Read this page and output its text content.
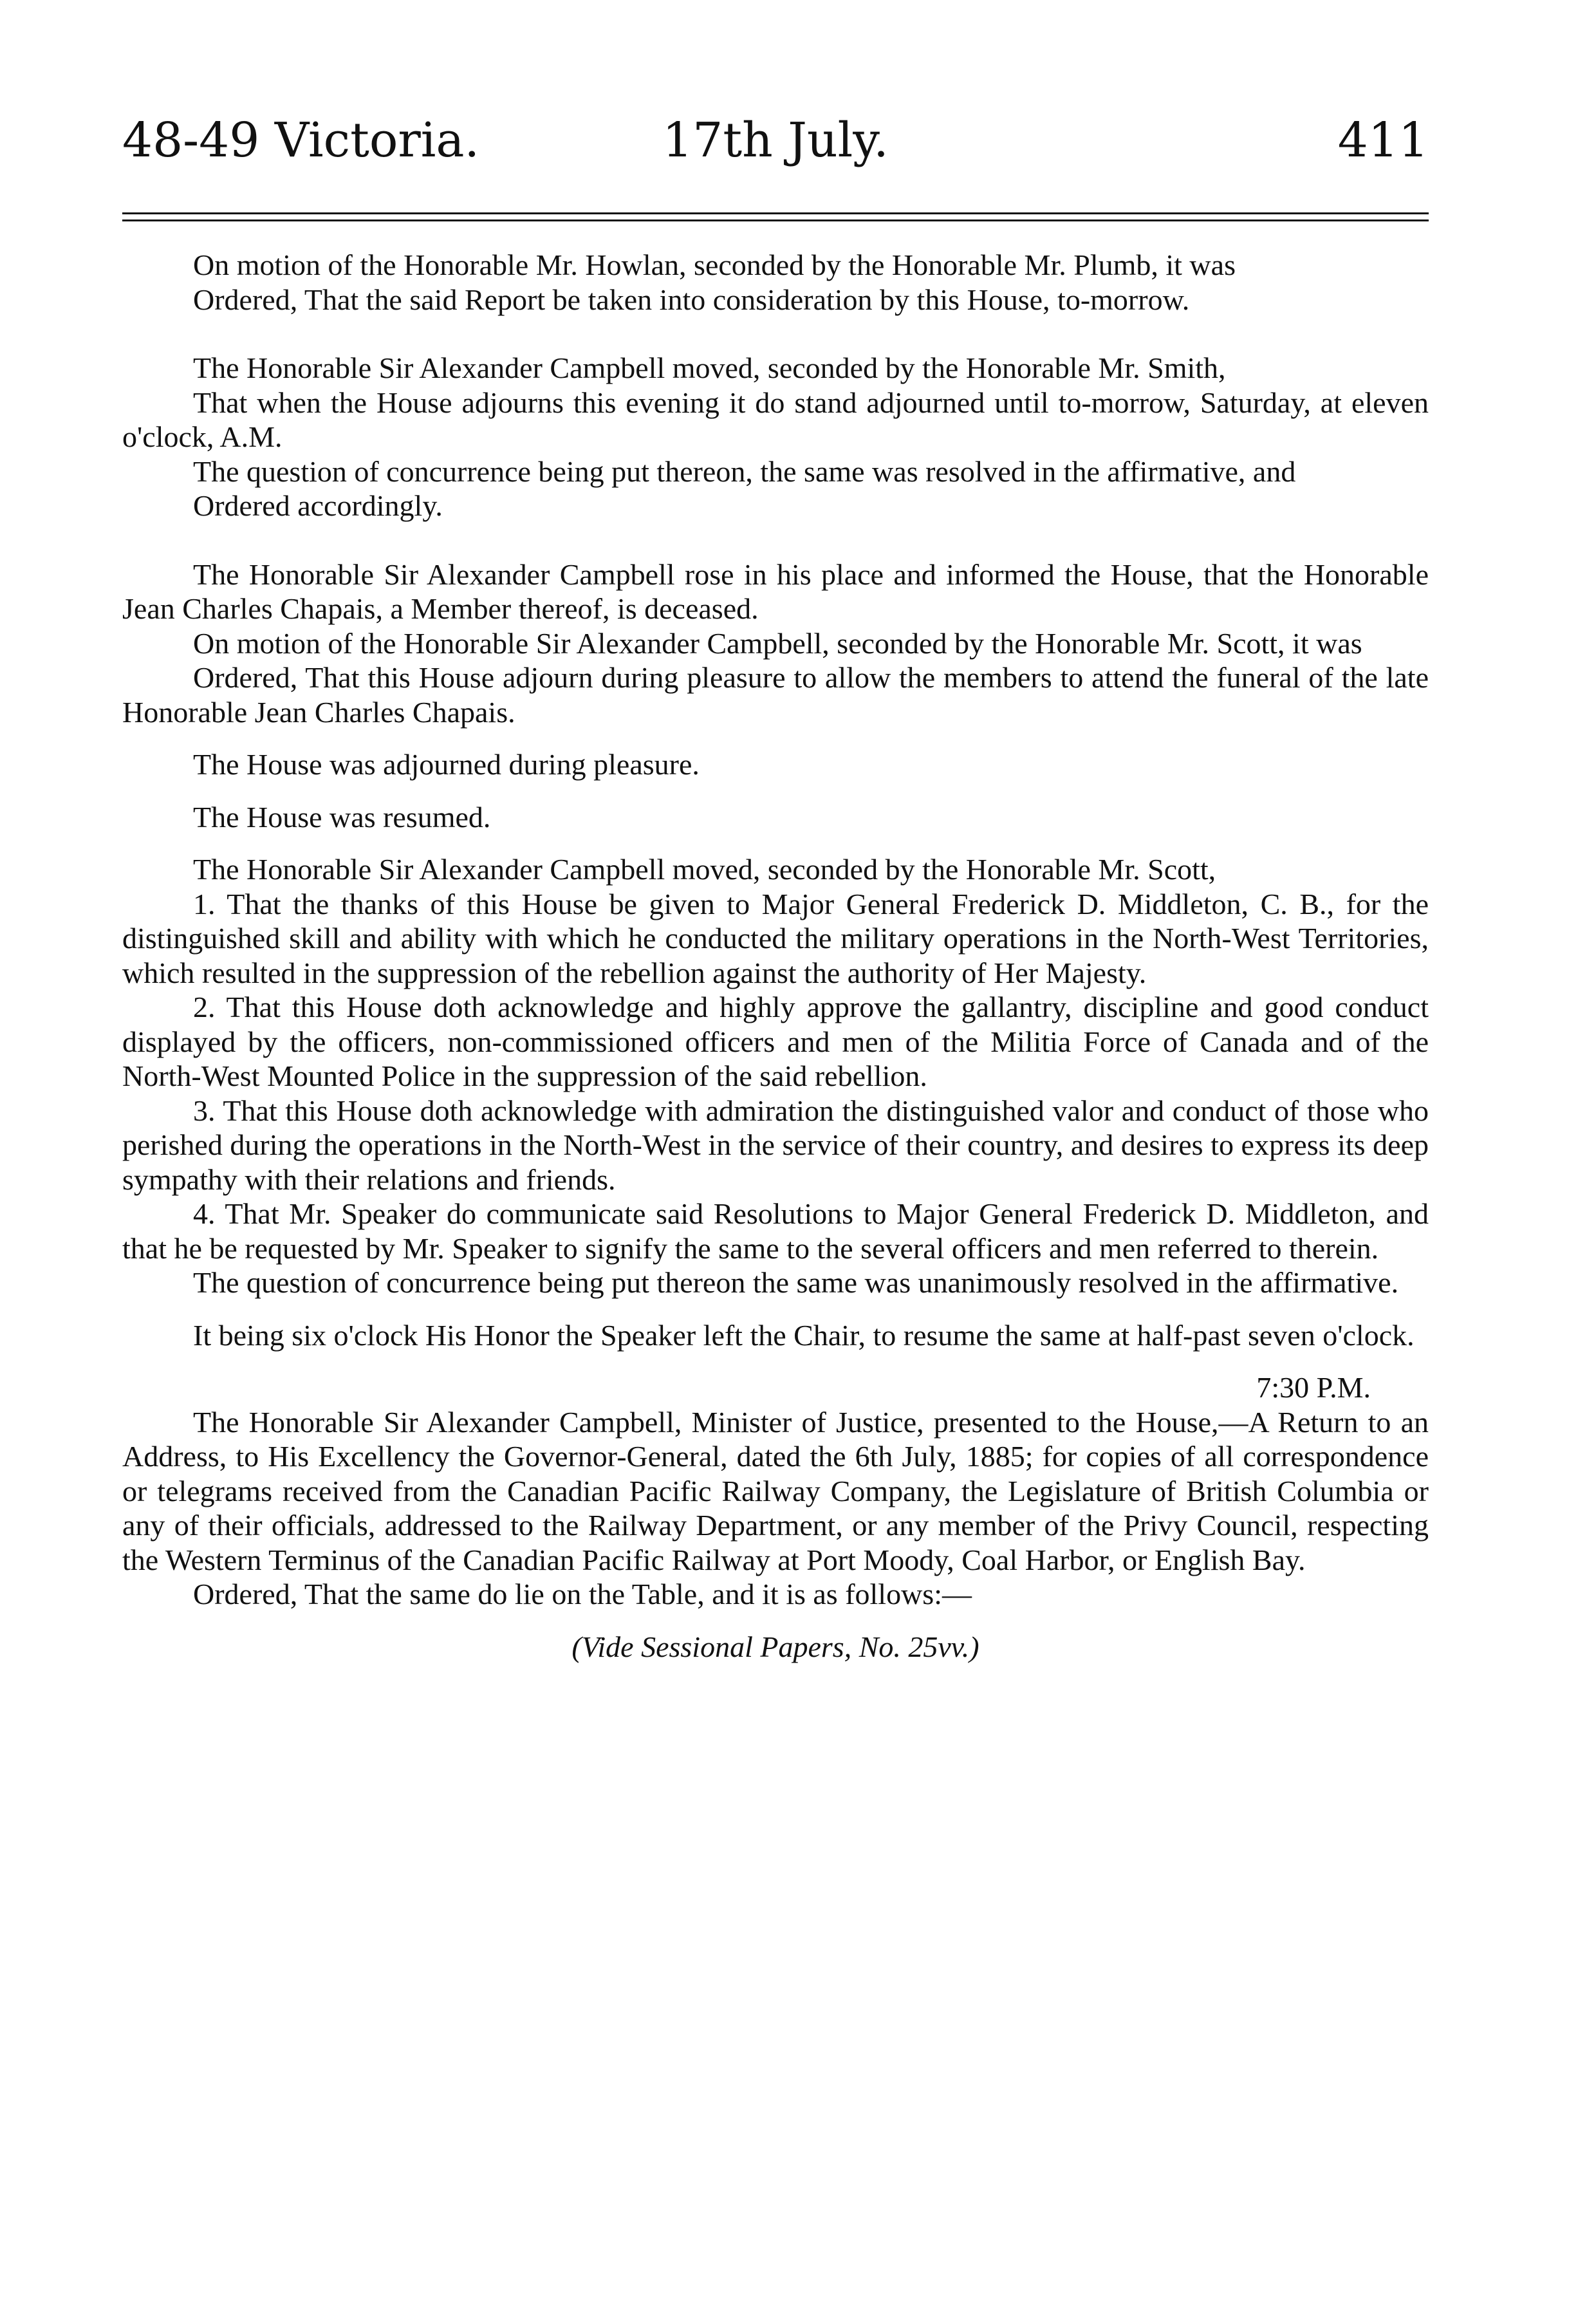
48-49 Victoria.	17th July.	411

On motion of the Honorable Mr. Howlan, seconded by the Honorable Mr. Plumb, it was

Ordered, That the said Report be taken into consideration by this House, to-morrow.

The Honorable Sir Alexander Campbell moved, seconded by the Honorable Mr. Smith,

That when the House adjourns this evening it do stand adjourned until to-morrow, Saturday, at eleven o'clock, A.M.

The question of concurrence being put thereon, the same was resolved in the affirmative, and

Ordered accordingly.

The Honorable Sir Alexander Campbell rose in his place and informed the House, that the Honorable Jean Charles Chapais, a Member thereof, is deceased.

On motion of the Honorable Sir Alexander Campbell, seconded by the Honorable Mr. Scott, it was

Ordered, That this House adjourn during pleasure to allow the members to attend the funeral of the late Honorable Jean Charles Chapais.

The House was adjourned during pleasure.

The House was resumed.

The Honorable Sir Alexander Campbell moved, seconded by the Honorable Mr. Scott,

1. That the thanks of this House be given to Major General Frederick D. Middleton, C. B., for the distinguished skill and ability with which he conducted the military operations in the North-West Territories, which resulted in the suppression of the rebellion against the authority of Her Majesty.

2. That this House doth acknowledge and highly approve the gallantry, discipline and good conduct displayed by the officers, non-commissioned officers and men of the Militia Force of Canada and of the North-West Mounted Police in the suppression of the said rebellion.

3. That this House doth acknowledge with admiration the distinguished valor and conduct of those who perished during the operations in the North-West in the service of their country, and desires to express its deep sympathy with their relations and friends.

4. That Mr. Speaker do communicate said Resolutions to Major General Frederick D. Middleton, and that he be requested by Mr. Speaker to signify the same to the several officers and men referred to therein.

The question of concurrence being put thereon the same was unanimously resolved in the affirmative.

It being six o'clock His Honor the Speaker left the Chair, to resume the same at half-past seven o'clock.

7:30 P.M.

The Honorable Sir Alexander Campbell, Minister of Justice, presented to the House,—A Return to an Address, to His Excellency the Governor-General, dated the 6th July, 1885; for copies of all correspondence or telegrams received from the Canadian Pacific Railway Company, the Legislature of British Columbia or any of their officials, addressed to the Railway Department, or any member of the Privy Council, respecting the Western Terminus of the Canadian Pacific Railway at Port Moody, Coal Harbor, or English Bay.

Ordered, That the same do lie on the Table, and it is as follows:—

(Vide Sessional Papers, No. 25vv.)
